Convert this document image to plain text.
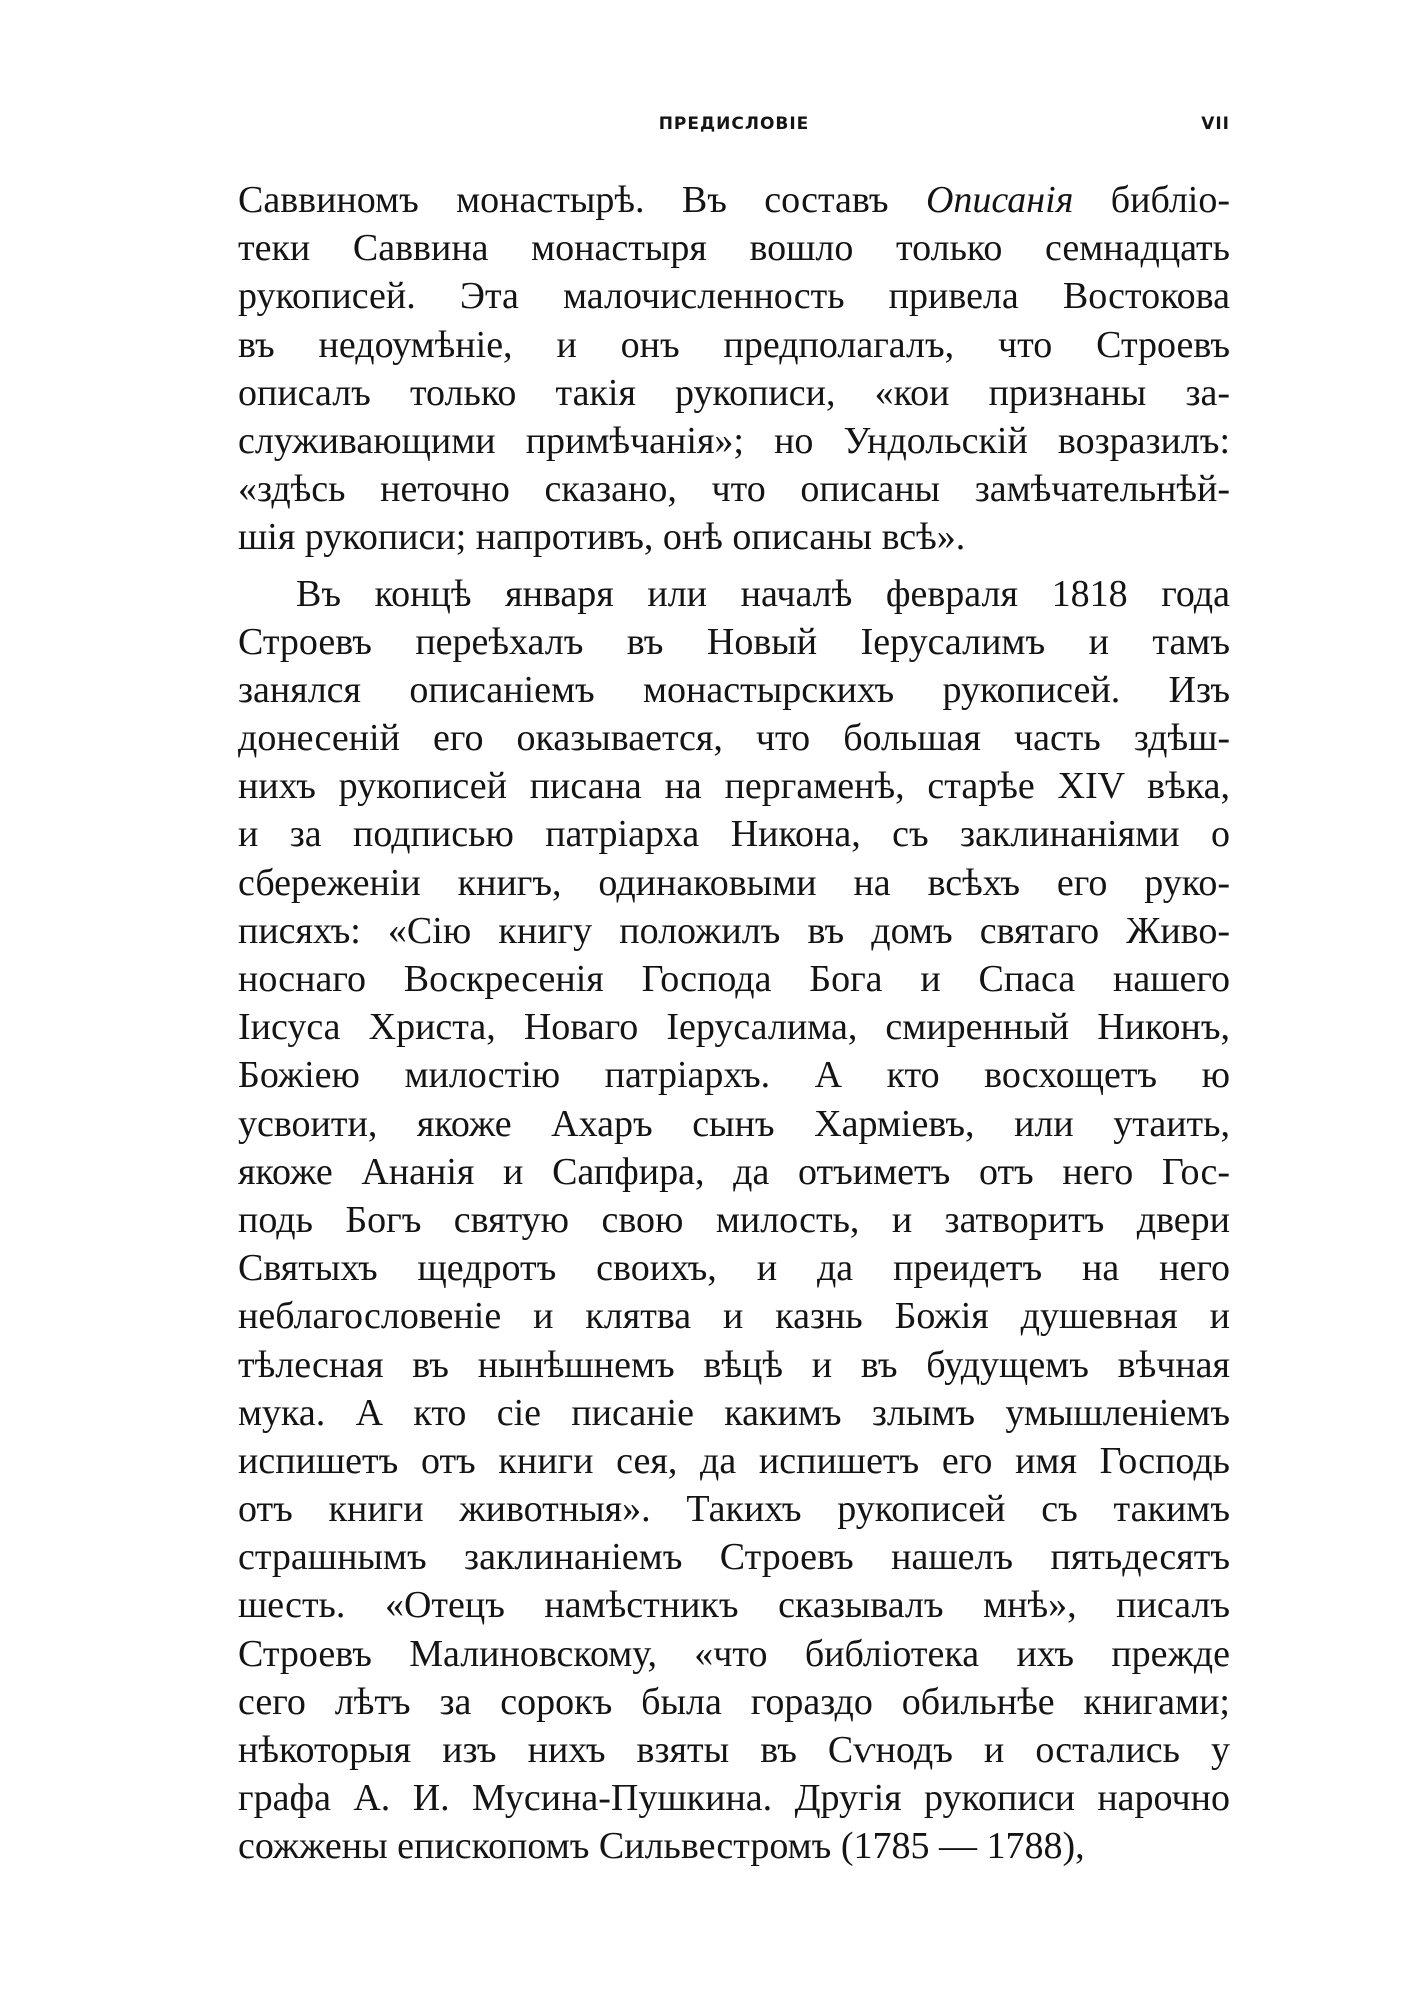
ПРЕДИСЛОВІЕ	VII
Саввиномъ монастырѣ. Въ составъ Описанія библіо-
теки Саввина монастыря вошло только семнадцать
рукописей. Эта малочисленность привела Востокова
въ недоумѣніе, и онъ предполагалъ, что Строевъ
описалъ только такія рукописи, «кои признаны за-
служивающими примѣчанія»; но Ундольскій возразилъ:
«здѣсь неточно сказано, что описаны замѣчательнѣй-
шія рукописи; напротивъ, онѣ описаны всѣ».
Въ концѣ января или началѣ февраля 1818 года
Строевъ переѣхалъ въ Новый Іерусалимъ и тамъ
занялся описаніемъ монастырскихъ рукописей. Изъ
донесеній его оказывается, что большая часть здѣш-
нихъ рукописей писана на пергаменѣ, старѣе XIV вѣка,
и за подписью патріарха Никона, съ заклинаніями о
сбереженіи книгъ, одинаковыми на всѣхъ его руко-
писяхъ: «Сію книгу положилъ въ домъ святаго Живо-
носнаго Воскресенія Господа Бога и Спаса нашего
Іисуса Христа, Новаго Іерусалима, смиренный Никонъ,
Божіею милостію патріархъ. А кто восхощетъ ю
усвоити, якоже Ахаръ сынъ Харміевъ, или утаить,
якоже Ананія и Сапфира, да отъиметъ отъ него Гос-
подь Богъ святую свою милость, и затворитъ двери
Святыхъ щедротъ своихъ, и да преидетъ на него
неблагословеніе и клятва и казнь Божія душевная и
тѣлесная въ нынѣшнемъ вѣцѣ и въ будущемъ вѣчная
мука. А кто сіе писаніе какимъ злымъ умышленіемъ
испишетъ отъ книги сея, да испишетъ его имя Господь
отъ книги животныя». Такихъ рукописей съ такимъ
страшнымъ заклинаніемъ Строевъ нашелъ пятьдесятъ
шесть. «Отецъ намѣстникъ сказывалъ мнѣ», писалъ
Строевъ Малиновскому, «что библіотека ихъ прежде
сего лѣтъ за сорокъ была гораздо обильнѣе книгами;
нѣкоторыя изъ нихъ взяты въ Сѵнодъ и остались у
графа А. И. Мусина-Пушкина. Другія рукописи нарочно
сожжены епископомъ Сильвестромъ (1785 — 1788),
